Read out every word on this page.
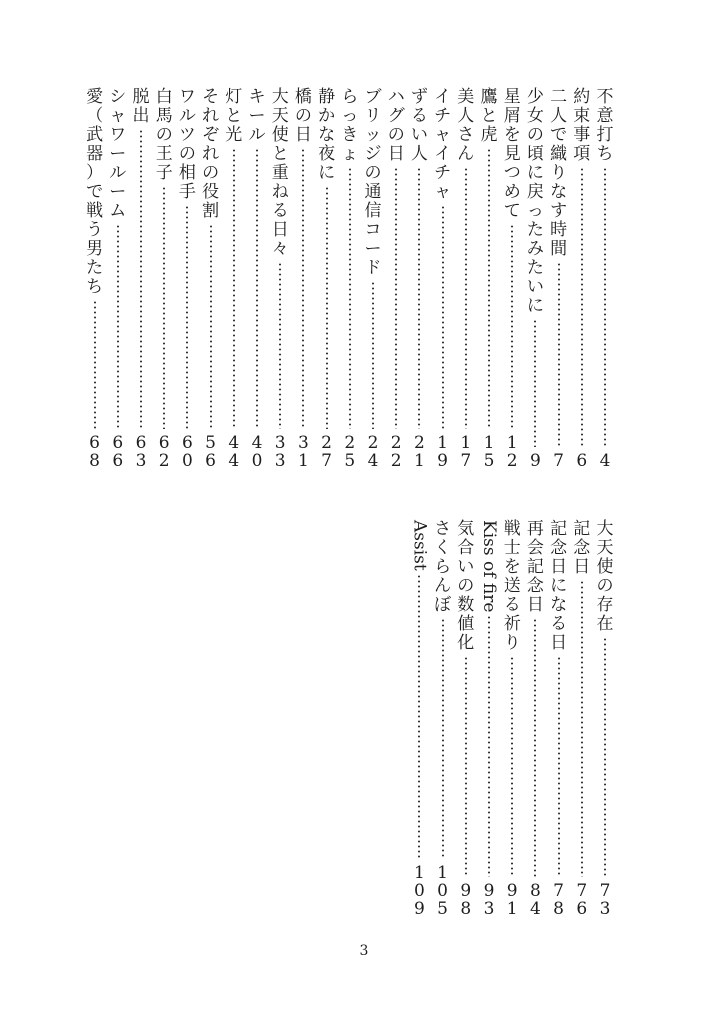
不
意
打
ち
4
約
束
事
項
6
二
人
で
織
り
な
す
時
間
7
少
女
の
頃
に
戻
っ
た
み
た
い
に
9
星
屑
を
見
つ
め
て
1
2
鷹
と
虎
1
5
美
人
さ
ん
1
7
イ
チ
ャ
イ
チ
ャ
1
9
ず
る
い
人
2
1
ハ
グ
の
日
2
2
ブ
リ
ッ
ジ
の
通
信
コ
ー
ド
2
4
ら
っ
き
ょ
2
5
静
か
な
夜
に
2
7
橋
の
日
3
1
大
天
使
と
重
ね
る
日
々
3
3
キ
ー
ル
4
0
灯
と
光
4
4
そ
れ
ぞ
れ
の
役
割
5
6
ワ
ル
ツ
の
相
手
6
0
白
馬
の
王
子
6
2
脱
出
6
3
シ
ャ
ワ
ー
ル
ー
ム
6
6
愛
（
武
器
）
で
戦
う
男
た
ち
6
8
大
天
使
の
存
在
7
3
記
念
日
7
6
記
念
日
に
な
る
日
7
8
再
会
記
念
日
8
4
戦
士
を
送
る
祈
り
9
1
Kiss of fire
9
3
気
合
い
の
数
値
化
9
8
さ
く
ら
ん
ぼ
1
0
5
Assist
1
0
9
3
